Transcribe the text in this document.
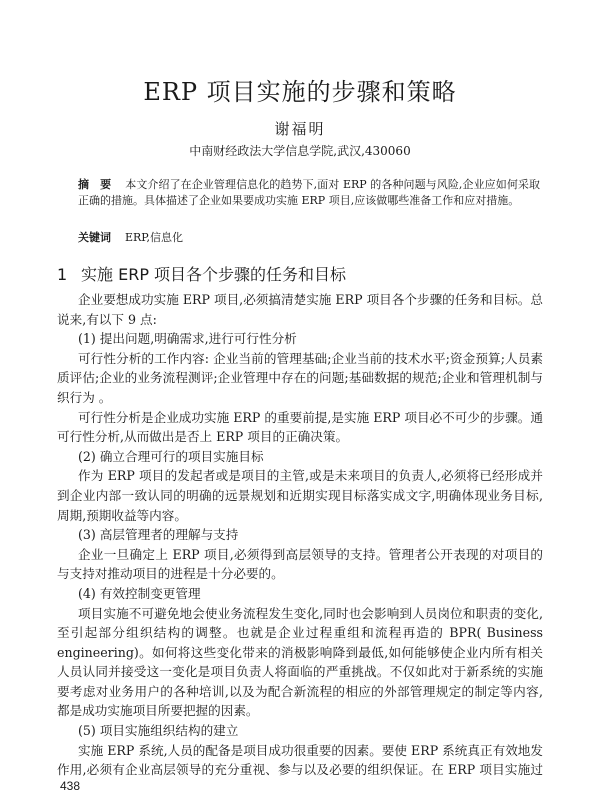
ERP 项目实施的步骤和策略
谢福明
中南财经政法大学信息学院,武汉,430060
摘　要 本文介绍了在企业管理信息化的趋势下,面对 ERP 的各种问题与风险,企业应如何采取
正确的措施。具体描述了企业如果要成功实施 ERP 项目,应该做哪些准备工作和应对措施。
关键词 ERP,信息化
1 实施 ERP 项目各个步骤的任务和目标
企业要想成功实施 ERP 项目,必须搞清楚实施 ERP 项目各个步骤的任务和目标。总
说来,有以下 9 点:
(1) 提出问题,明确需求,进行可行性分析
可行性分析的工作内容: 企业当前的管理基础;企业当前的技术水平;资金预算;人员素
质评估;企业的业务流程测评;企业管理中存在的问题;基础数据的规范;企业和管理机制与
织行为 。
可行性分析是企业成功实施 ERP 的重要前提,是实施 ERP 项目必不可少的步骤。通
可行性分析,从而做出是否上 ERP 项目的正确决策。
(2) 确立合理可行的项目实施目标
作为 ERP 项目的发起者或是项目的主管,或是未来项目的负责人,必须将已经形成并
到企业内部一致认同的明确的远景规划和近期实现目标落实成文字,明确体现业务目标,
周期,预期收益等内容。
(3) 高层管理者的理解与支持
企业一旦确定上 ERP 项目,必须得到高层领导的支持。管理者公开表现的对项目的
与支持对推动项目的进程是十分必要的。
(4) 有效控制变更管理
项目实施不可避免地会使业务流程发生变化,同时也会影响到人员岗位和职责的变化,
至引起部分组织结构的调整。也就是企业过程重组和流程再造的 BPR( Business
engineering)。如何将这些变化带来的消极影响降到最低,如何能够使企业内所有相关
人员认同并接受这一变化是项目负责人将面临的严重挑战。不仅如此对于新系统的实施
要考虑对业务用户的各种培训,以及为配合新流程的相应的外部管理规定的制定等内容,
都是成功实施项目所要把握的因素。
(5) 项目实施组织结构的建立
实施 ERP 系统,人员的配备是项目成功很重要的因素。要使 ERP 系统真正有效地发
作用,必须有企业高层领导的充分重视、参与以及必要的组织保证。在 ERP 项目实施过
438
